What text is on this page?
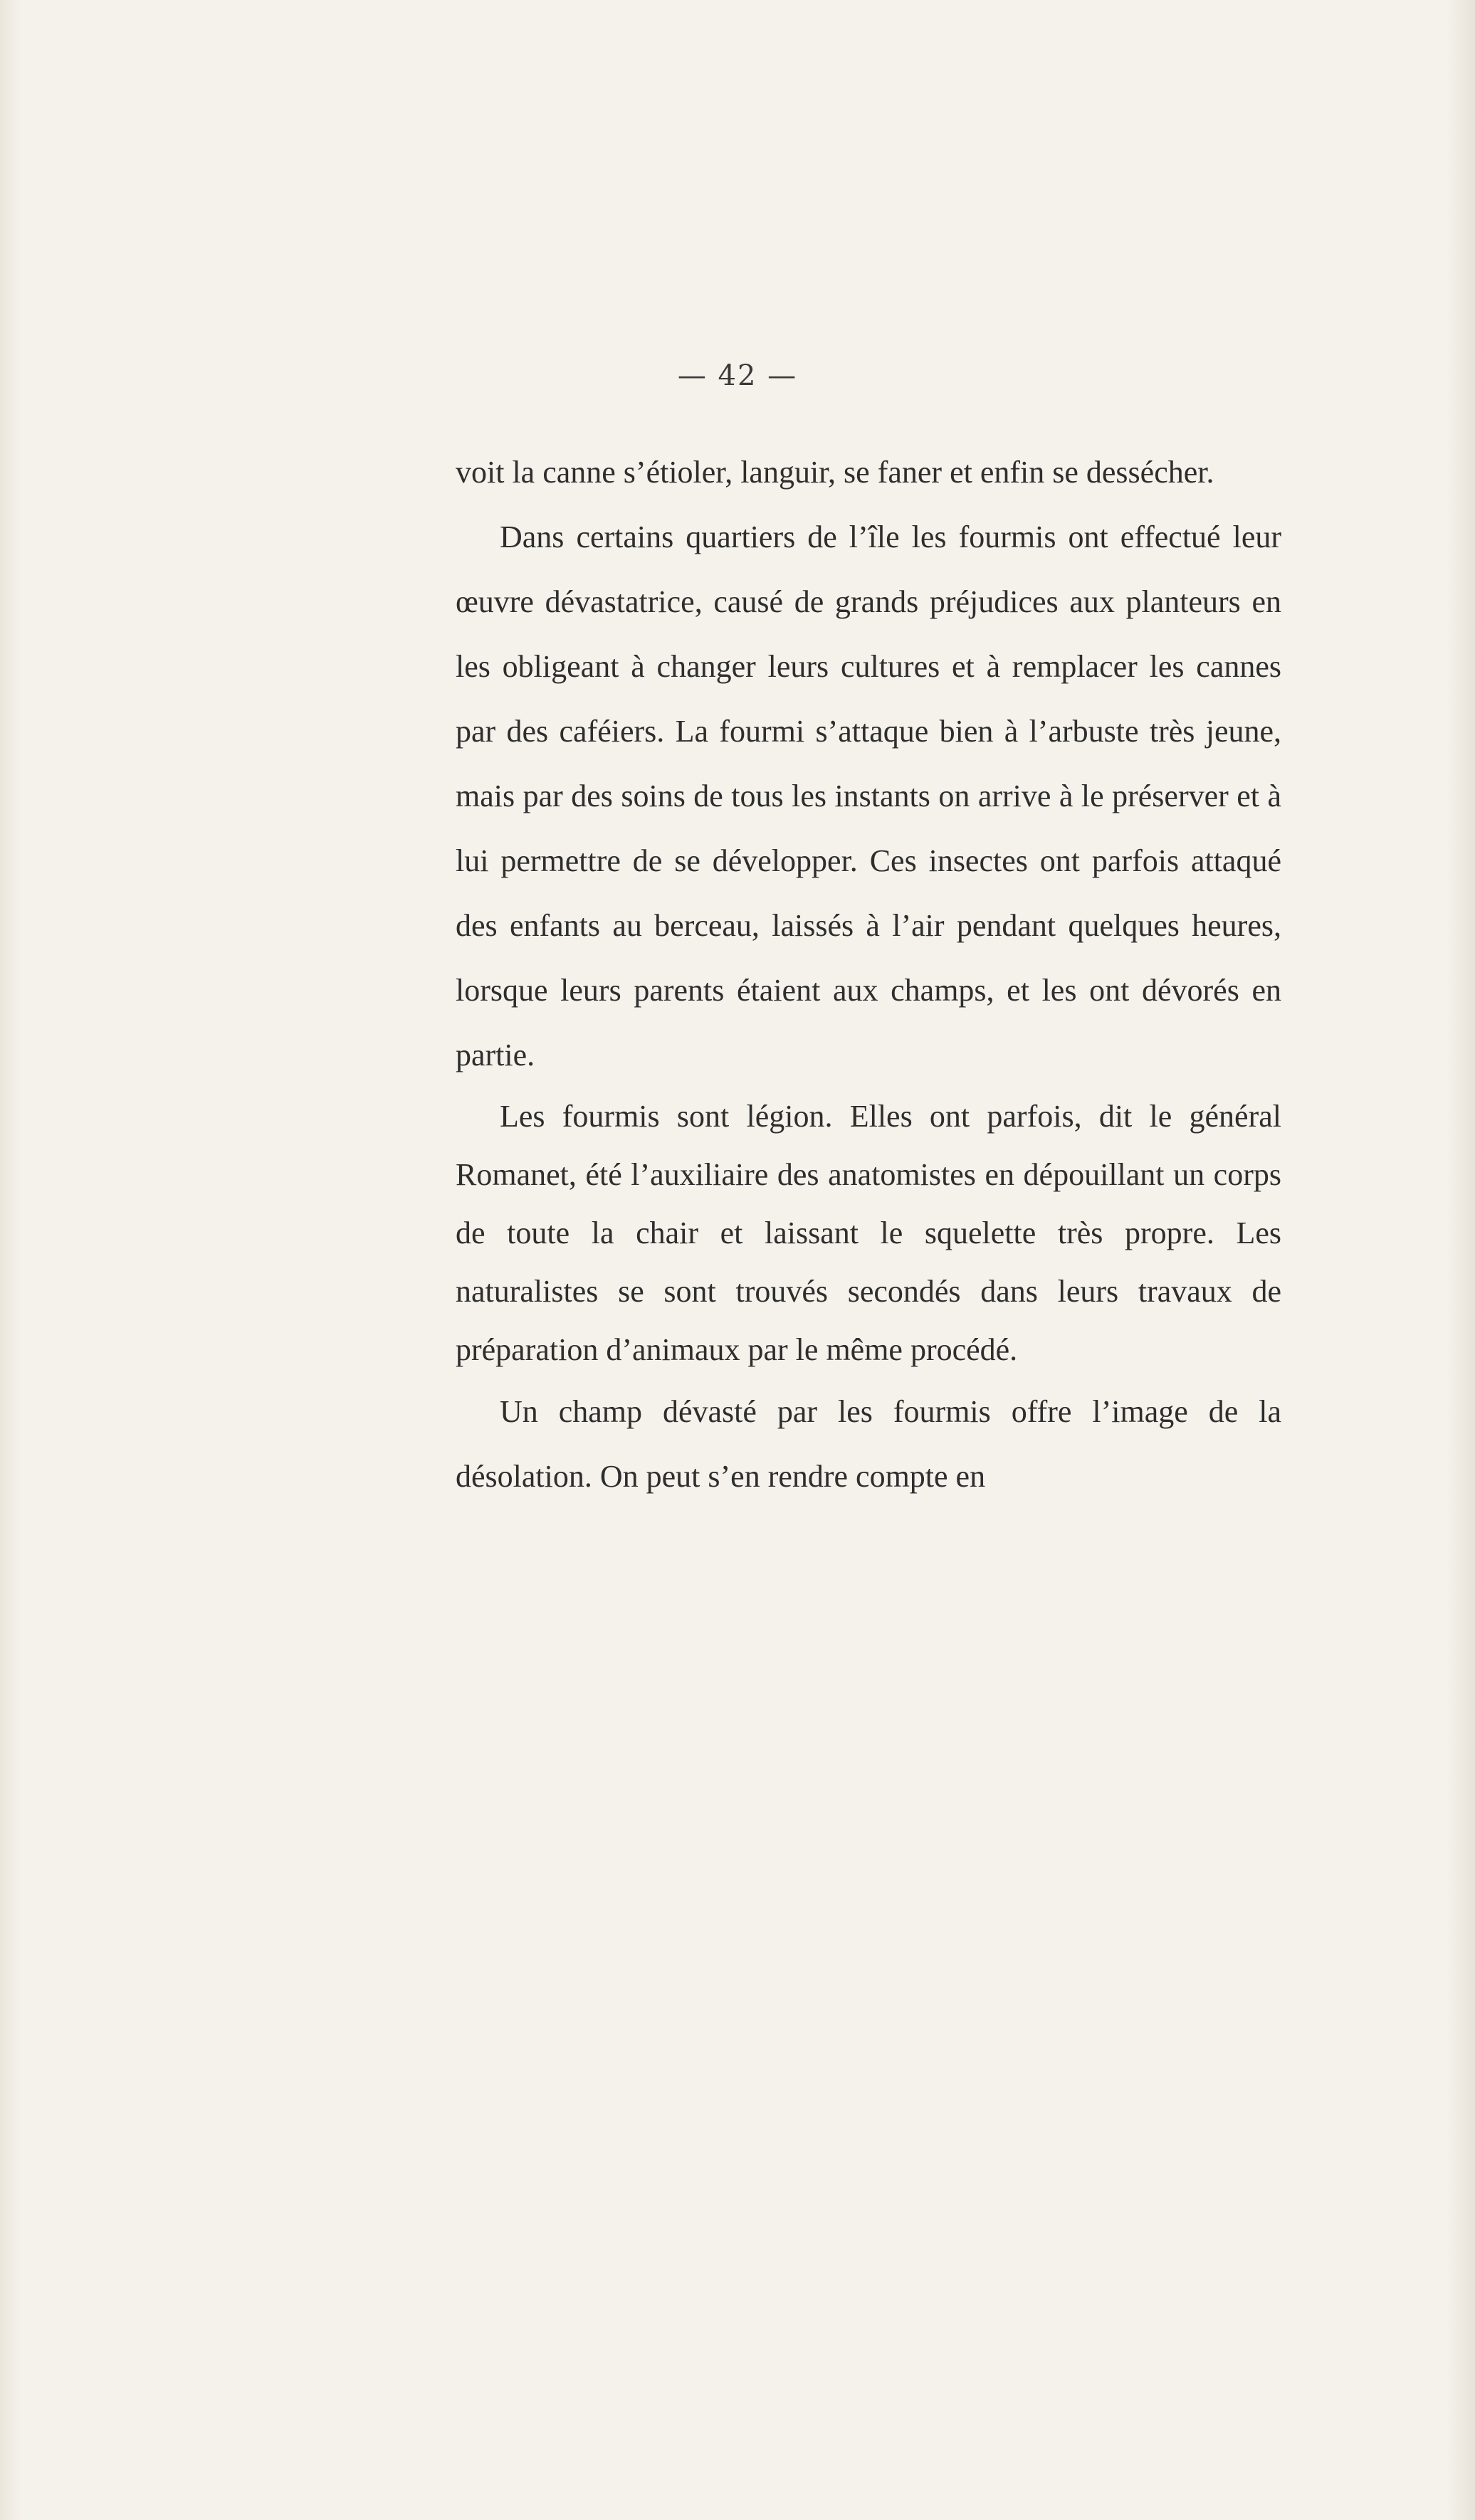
— 42 —

voit la canne s’étioler, languir, se faner et enfin se dessécher.

Dans certains quartiers de l’île les fourmis ont effectué leur œuvre dévastatrice, causé de grands préjudices aux planteurs en les obligeant à changer leurs cultures et à remplacer les cannes par des caféiers. La fourmi s’attaque bien à l’arbuste très jeune, mais par des soins de tous les instants on arrive à le préserver et à lui permettre de se développer. Ces insectes ont parfois attaqué des enfants au berceau, laissés à l’air pendant quelques heures, lorsque leurs parents étaient aux champs, et les ont dévorés en partie.

Les fourmis sont légion. Elles ont parfois, dit le général Romanet, été l’auxiliaire des anatomistes en dépouillant un corps de toute la chair et laissant le squelette très propre. Les naturalistes se sont trouvés secondés dans leurs travaux de préparation d’animaux par le même procédé.

Un champ dévasté par les fourmis offre l’image de la désolation. On peut s’en rendre compte en
